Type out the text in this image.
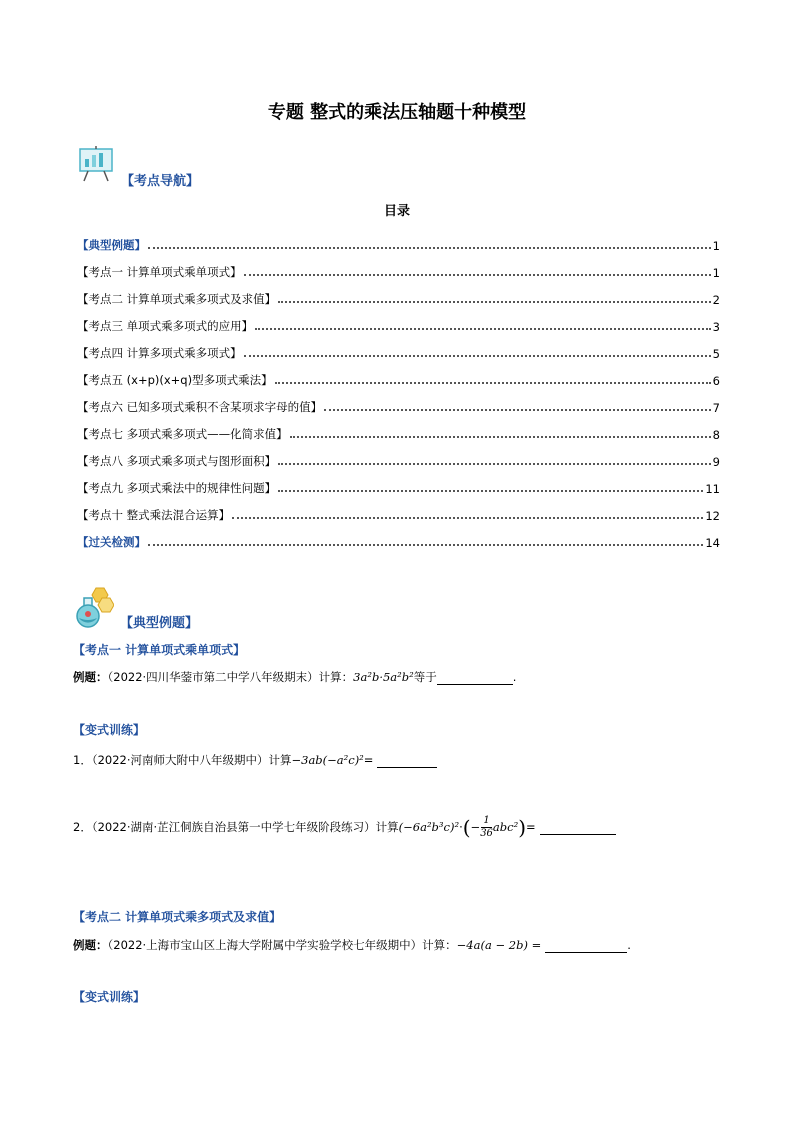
专题 整式的乘法压轴题十种模型
【考点导航】
目录
【典型例题】	1
【考点一 计算单项式乘单项式】	1
【考点二 计算单项式乘多项式及求值】	2
【考点三 单项式乘多项式的应用】	3
【考点四 计算多项式乘多项式】	5
【考点五 (x+p)(x+q)型多项式乘法】	6
【考点六 已知多项式乘积不含某项求字母的值】	7
【考点七 多项式乘多项式——化简求值】	8
【考点八 多项式乘多项式与图形面积】	9
【考点九 多项式乘法中的规律性问题】	11
【考点十 整式乘法混合运算】	12
【过关检测】	14
【典型例题】
【考点一 计算单项式乘单项式】
例题：（2022·四川华蓥市第二中学八年级期末）计算：3a²b·5a²b²等于	.
【变式训练】
1．（2022·河南师大附中八年级期中）计算−3ab(−a²c)²=
2．（2022·湖南·芷江侗族自治县第一中学七年级阶段练习）计算$(-6a^2b^3c)^2\cdot(- \frac{1}{36} abc^2)=$
【考点二 计算单项式乘多项式及求值】
例题：（2022·上海市宝山区上海大学附属中学实验学校七年级期中）计算：−4a(a − 2b) =	.
【变式训练】
